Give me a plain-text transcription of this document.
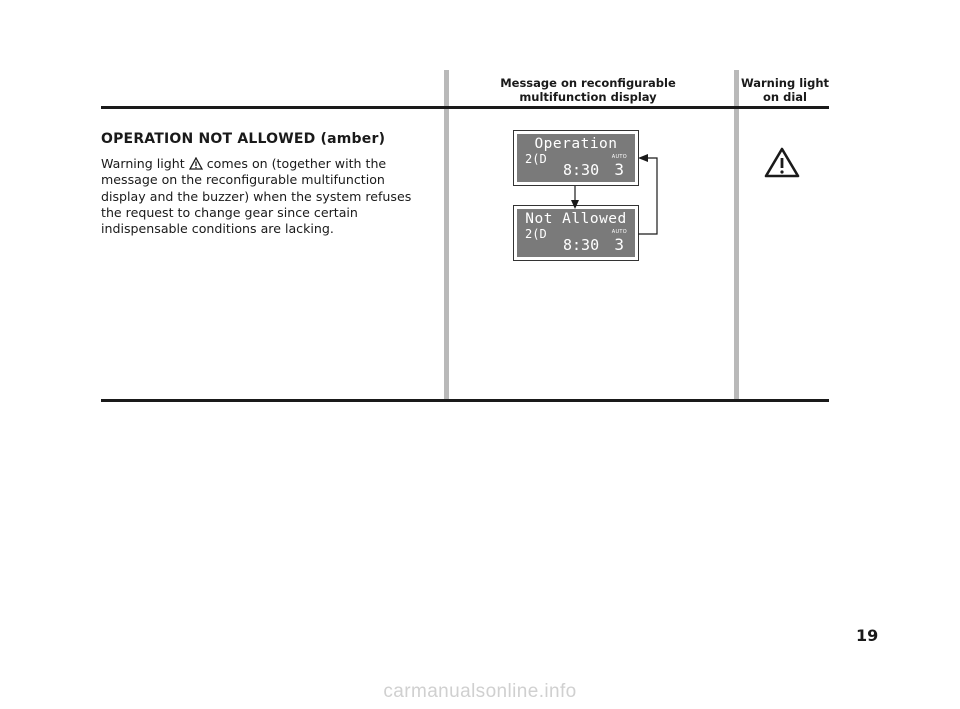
Message on reconfigurable
multifunction display
Warning light
on dial
OPERATION NOT ALLOWED (amber)
Warning light comes on (together with the message on the reconfigurable multifunction display and the buzzer) when the system refuses the request to change gear since certain indispensable conditions are lacking.
Operation
2(D	AUTO
8:30 3
Not Allowed
2(D	AUTO
8:30 3
19
carmanualsonline.info
